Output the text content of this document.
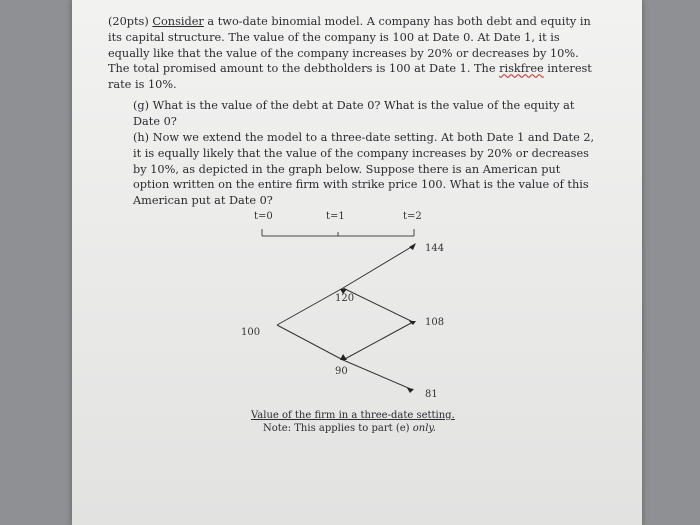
(20pts) Consider a two-date binomial model. A company has both debt and equity in its capital structure. The value of the company is 100 at Date 0. At Date 1, it is equally like that the value of the company increases by 20% or decreases by 10%. The total promised amount to the debtholders is 100 at Date 1. The riskfree interest rate is 10%.
(g) What is the value of the debt at Date 0? What is the value of the equity at Date 0?
(h) Now we extend the model to a three-date setting. At both Date 1 and Date 2, it is equally likely that the value of the company increases by 20% or decreases by 10%, as depicted in the graph below. Suppose there is an American put option written on the entire firm with strike price 100. What is the value of this American put at Date 0?
t=0	t=1	t=2
100
120
90
144
108
81
Value of the firm in a three-date setting.
Note: This applies to part (e) only.
